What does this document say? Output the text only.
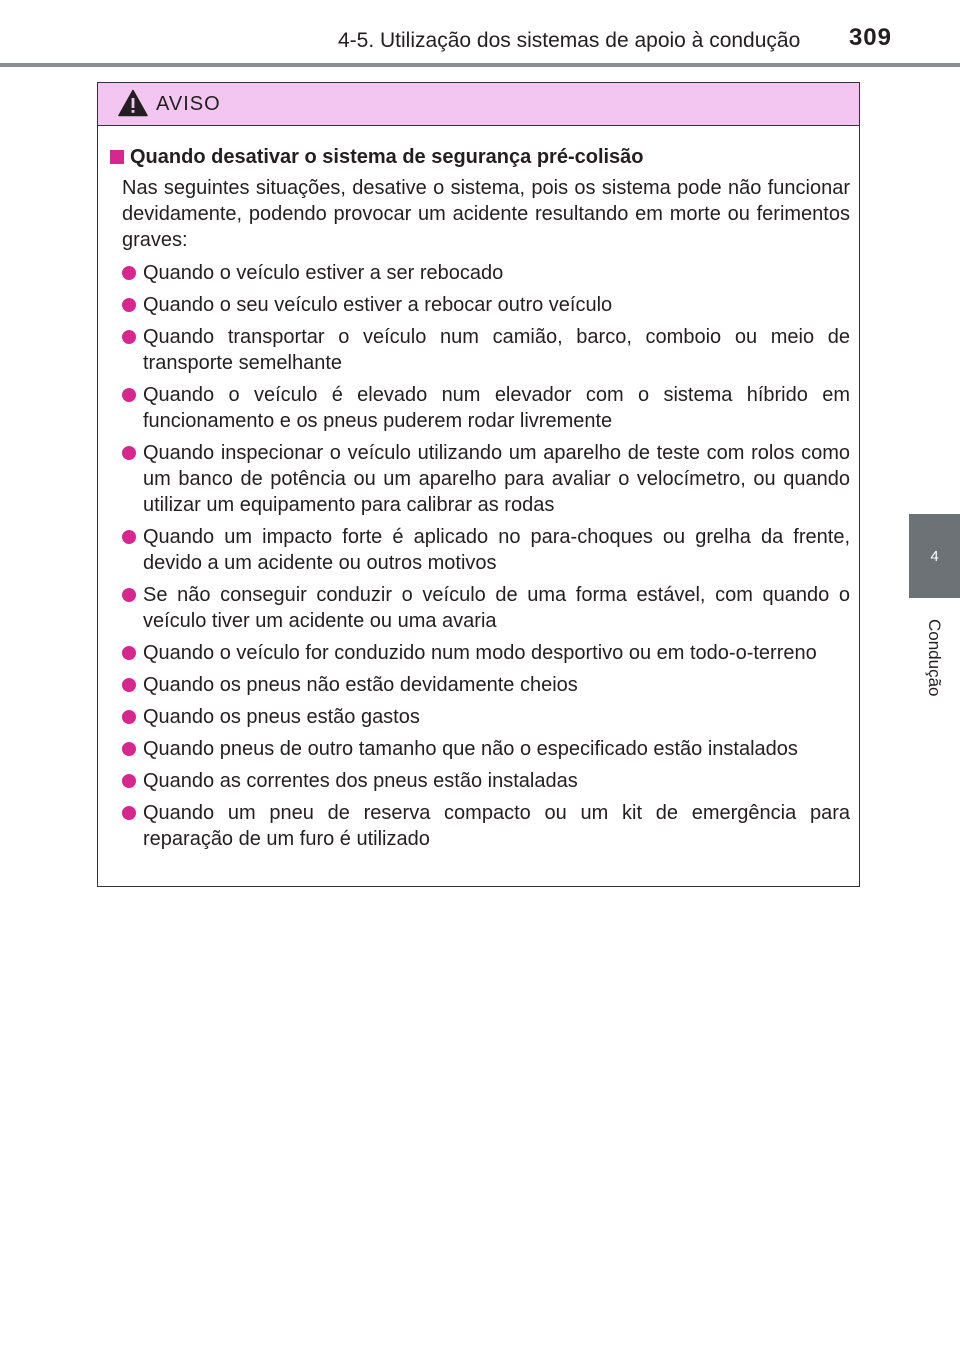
4-5. Utilização dos sistemas de apoio à condução	309
4
Condução
AVISO
Quando desativar o sistema de segurança pré-colisão
Nas seguintes situações, desative o sistema, pois os sistema pode não funcionar devidamente, podendo provocar um acidente resultando em morte ou ferimentos graves:
Quando o veículo estiver a ser rebocado
Quando o seu veículo estiver a rebocar outro veículo
Quando transportar o veículo num camião, barco, comboio ou meio de transporte semelhante
Quando o veículo é elevado num elevador com o sistema híbrido em funcionamento e os pneus puderem rodar livremente
Quando inspecionar o veículo utilizando um aparelho de teste com rolos como um banco de potência ou um aparelho para avaliar o velocímetro, ou quando utilizar um equipamento para calibrar as rodas
Quando um impacto forte é aplicado no para-choques ou grelha da frente, devido a um acidente ou outros motivos
Se não conseguir conduzir o veículo de uma forma estável, com quando o veículo tiver um acidente ou uma avaria
Quando o veículo for conduzido num modo desportivo ou em todo-o-terreno
Quando os pneus não estão devidamente cheios
Quando os pneus estão gastos
Quando pneus de outro tamanho que não o especificado estão instalados
Quando as correntes dos pneus estão instaladas
Quando um pneu de reserva compacto ou um kit de emergência para reparação de um furo é utilizado
